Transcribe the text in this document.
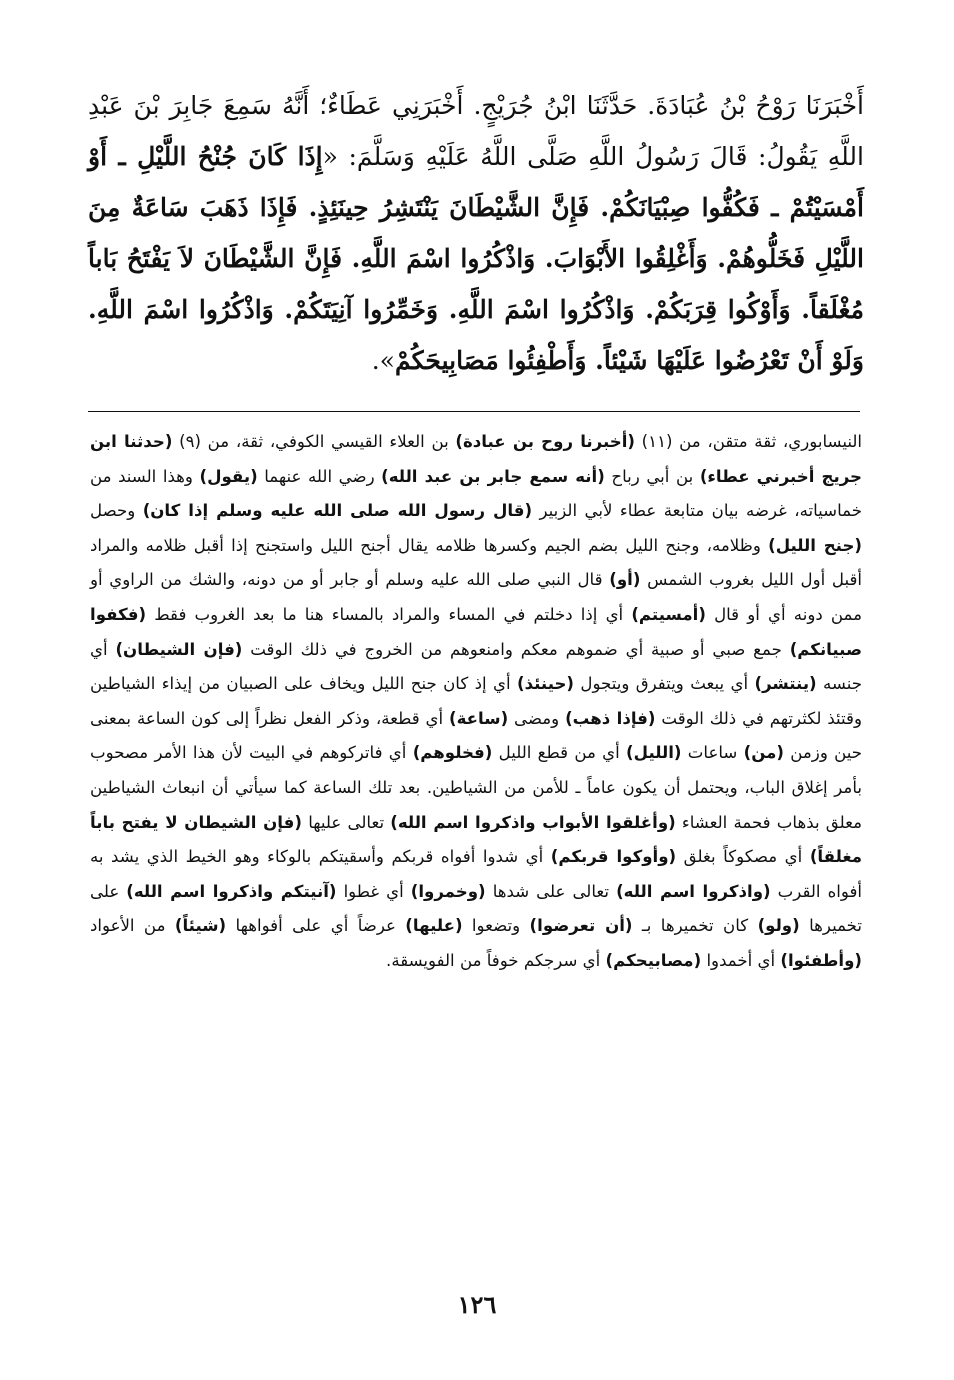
أَخْبَرَنَا رَوْحُ بْنُ عُبَادَةَ. حَدَّثَنَا ابْنُ جُرَيْجٍ. أَخْبَرَنِي عَطَاءٌ؛ أَنَّهُ سَمِعَ جَابِرَ بْنَ عَبْدِ اللَّهِ يَقُولُ: قَالَ رَسُولُ اللَّهِ صَلَّى اللَّهُ عَلَيْهِ وَسَلَّمَ: «إِذَا كَانَ جُنْحُ اللَّيْلِ ـ أَوْ أَمْسَيْتُمْ ـ فَكُفُّوا صِبْيَانَكُمْ. فَإِنَّ الشَّيْطَانَ يَنْتَشِرُ حِينَئِذٍ. فَإِذَا ذَهَبَ سَاعَةٌ مِنَ اللَّيْلِ فَخَلُّوهُمْ. وَأَغْلِقُوا الأَبْوَابَ. وَاذْكُرُوا اسْمَ اللَّهِ. فَإِنَّ الشَّيْطَانَ لاَ يَفْتَحُ بَاباً مُغْلَقاً. وَأَوْكُوا قِرَبَكُمْ. وَاذْكُرُوا اسْمَ اللَّهِ. وَخَمِّرُوا آنِيَتَكُمْ. وَاذْكُرُوا اسْمَ اللَّهِ. وَلَوْ أَنْ تَعْرُضُوا عَلَيْهَا شَيْئاً. وَأَطْفِئُوا مَصَابِيحَكُمْ».

النيسابوري، ثقة متقن، من (١١) (أخبرنا روح بن عبادة) بن العلاء القيسي الكوفي، ثقة، من (٩) (حدثنا ابن جريج أخبرني عطاء) بن أبي رباح (أنه سمع جابر بن عبد الله) رضي الله عنهما (يقول) وهذا السند من خماسياته، غرضه بيان متابعة عطاء لأبي الزبير (قال رسول الله صلى الله عليه وسلم إذا كان) وحصل (جنح الليل) وظلامه، وجنح الليل بضم الجيم وكسرها ظلامه يقال أجنح الليل واستجنح إذا أقبل ظلامه والمراد أقبل أول الليل بغروب الشمس (أو) قال النبي صلى الله عليه وسلم أو جابر أو من دونه، والشك من الراوي أو ممن دونه أي أو قال (أمسيتم) أي إذا دخلتم في المساء والمراد بالمساء هنا ما بعد الغروب فقط (فكفوا صبيانكم) جمع صبي أو صبية أي ضموهم معكم وامنعوهم من الخروج في ذلك الوقت (فإن الشيطان) أي جنسه (ينتشر) أي يبعث ويتفرق ويتجول (حينئذ) أي إذ كان جنح الليل ويخاف على الصبيان من إيذاء الشياطين وقتئذ لكثرتهم في ذلك الوقت (فإذا ذهب) ومضى (ساعة) أي قطعة، وذكر الفعل نظراً إلى كون الساعة بمعنى حين وزمن (من) ساعات (الليل) أي من قطع الليل (فخلوهم) أي فاتركوهم في البيت لأن هذا الأمر مصحوب بأمر إغلاق الباب، ويحتمل أن يكون عاماً ـ للأمن من الشياطين. بعد تلك الساعة كما سيأتي أن انبعاث الشياطين معلق بذهاب فحمة العشاء (وأغلقوا الأبواب واذكروا اسم الله) تعالى عليها (فإن الشيطان لا يفتح باباً مغلقاً) أي مصكوكاً بغلق (وأوكوا قربكم) أي شدوا أفواه قربكم وأسقيتكم بالوكاء وهو الخيط الذي يشد به أفواه القرب (واذكروا اسم الله) تعالى على شدها (وخمروا) أي غطوا (آنيتكم واذكروا اسم الله) على تخميرها (ولو) كان تخميرها بـ (أن تعرضوا) وتضعوا (عليها) عرضاً أي على أفواهها (شيئاً) من الأعواد (وأطفئوا) أي أخمدوا (مصابيحكم) أي سرجكم خوفاً من الفويسقة.

١٢٦
